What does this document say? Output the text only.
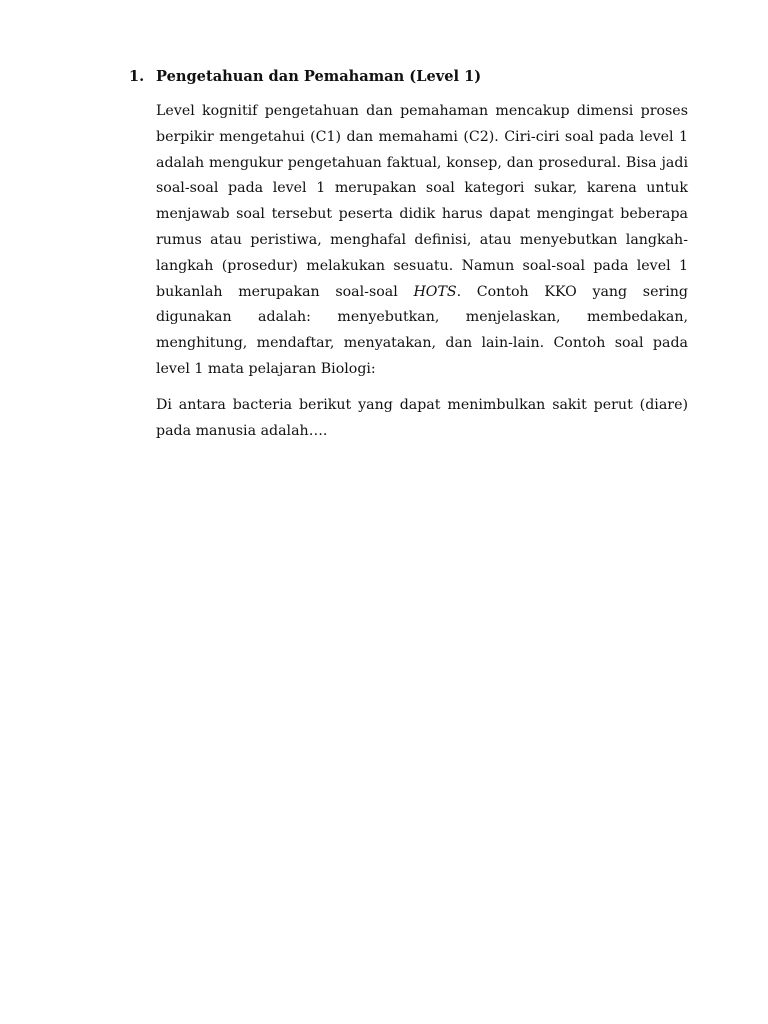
1. Pengetahuan dan Pemahaman (Level 1)

Level kognitif pengetahuan dan pemahaman mencakup dimensi proses berpikir mengetahui (C1) dan memahami (C2). Ciri-ciri soal pada level 1 adalah mengukur pengetahuan faktual, konsep, dan prosedural. Bisa jadi soal-soal pada level 1 merupakan soal kategori sukar, karena untuk menjawab soal tersebut peserta didik harus dapat mengingat beberapa rumus atau peristiwa, menghafal definisi, atau menyebutkan langkah-langkah (prosedur) melakukan sesuatu. Namun soal-soal pada level 1 bukanlah merupakan soal-soal HOTS. Contoh KKO yang sering digunakan adalah: menyebutkan, menjelaskan, membedakan, menghitung, mendaftar, menyatakan, dan lain-lain. Contoh soal pada level 1 mata pelajaran Biologi:

Di antara bacteria berikut yang dapat menimbulkan sakit perut (diare) pada manusia adalah….
